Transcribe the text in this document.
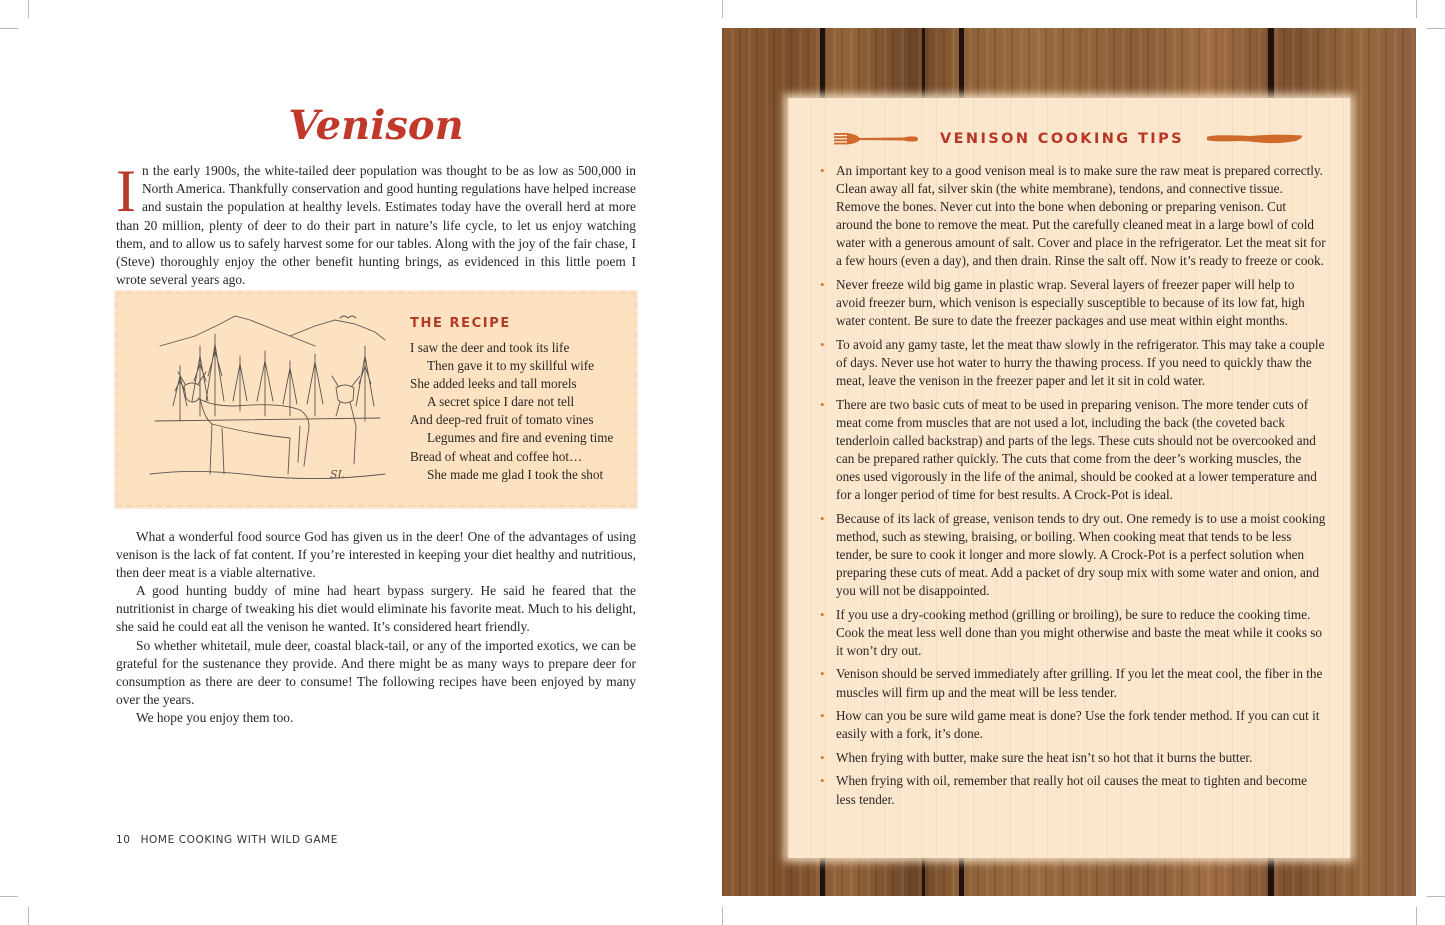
Venison
In the early 1900s, the white-tailed deer population was thought to be as low as 500,000 in North America. Thankfully conservation and good hunting regulations have helped increase and sustain the population at healthy levels. Estimates today have the overall herd at more than 20 million, plenty of deer to do their part in nature’s life cycle, to let us enjoy watching them, and to allow us to safely harvest some for our tables. Along with the joy of the fair chase, I (Steve) thoroughly enjoy the other benefit hunting brings, as evidenced in this little poem I wrote several years ago.
SL
THE RECIPE
I saw the deer and took its life
Then gave it to my skillful wife
She added leeks and tall morels
A secret spice I dare not tell
And deep-red fruit of tomato vines
Legumes and fire and evening time
Bread of wheat and coffee hot…
She made me glad I took the shot

What a wonderful food source God has given us in the deer! One of the advantages of using venison is the lack of fat content. If you’re interested in keeping your diet healthy and nutritious, then deer meat is a viable alternative.

A good hunting buddy of mine had heart bypass surgery. He said he feared that the nutritionist in charge of tweaking his diet would eliminate his favorite meat. Much to his delight, she said he could eat all the venison he wanted. It’s considered heart friendly.

So whether whitetail, mule deer, coastal black-tail, or any of the imported exotics, we can be grateful for the sustenance they provide. And there might be as many ways to prepare deer for consumption as there are deer to consume! The following recipes have been enjoyed by many over the years.

We hope you enjoy them too.

10 HOME COOKING WITH WILD GAME
VENISON COOKING TIPS
• An important key to a good venison meal is to make sure the raw meat is prepared correctly. Clean away all fat, silver skin (the white membrane), tendons, and connective tissue. Remove the bones. Never cut into the bone when deboning or preparing venison. Cut around the bone to remove the meat. Put the carefully cleaned meat in a large bowl of cold water with a generous amount of salt. Cover and place in the refrigerator. Let the meat sit for a few hours (even a day), and then drain. Rinse the salt off. Now it’s ready to freeze or cook.
• Never freeze wild big game in plastic wrap. Several layers of freezer paper will help to avoid freezer burn, which venison is especially susceptible to because of its low fat, high water content. Be sure to date the freezer packages and use meat within eight months.
• To avoid any gamy taste, let the meat thaw slowly in the refrigerator. This may take a couple of days. Never use hot water to hurry the thawing process. If you need to quickly thaw the meat, leave the venison in the freezer paper and let it sit in cold water.
• There are two basic cuts of meat to be used in preparing venison. The more tender cuts of meat come from muscles that are not used a lot, including the back (the coveted back tenderloin called backstrap) and parts of the legs. These cuts should not be overcooked and can be prepared rather quickly. The cuts that come from the deer’s working muscles, the ones used vigorously in the life of the animal, should be cooked at a lower temperature and for a longer period of time for best results. A Crock-Pot is ideal.
• Because of its lack of grease, venison tends to dry out. One remedy is to use a moist cooking method, such as stewing, braising, or boiling. When cooking meat that tends to be less tender, be sure to cook it longer and more slowly. A Crock-Pot is a perfect solution when preparing these cuts of meat. Add a packet of dry soup mix with some water and onion, and you will not be disappointed.
• If you use a dry-cooking method (grilling or broiling), be sure to reduce the cooking time. Cook the meat less well done than you might otherwise and baste the meat while it cooks so it won’t dry out.
• Venison should be served immediately after grilling. If you let the meat cool, the fiber in the muscles will firm up and the meat will be less tender.
• How can you be sure wild game meat is done? Use the fork tender method. If you can cut it easily with a fork, it’s done.
• When frying with butter, make sure the heat isn’t so hot that it burns the butter.
• When frying with oil, remember that really hot oil causes the meat to tighten and become less tender.
